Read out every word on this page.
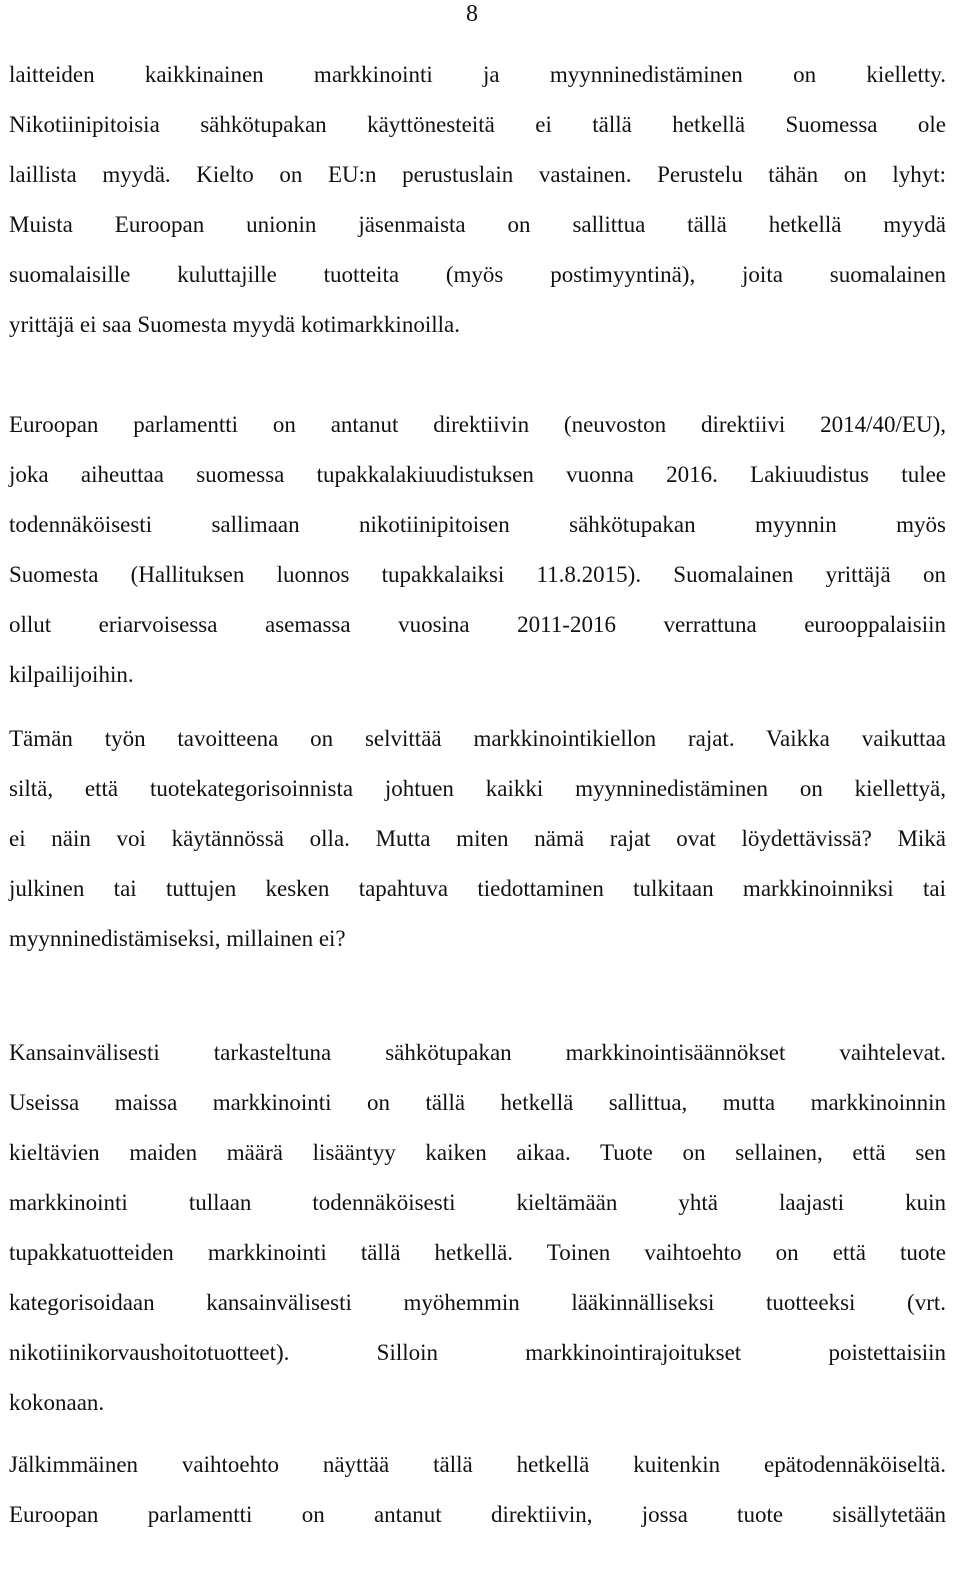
8
laitteiden kaikkinainen markkinointi ja myynninedistäminen on kielletty.
Nikotiinipitoisia sähkötupakan käyttönesteitä ei tällä hetkellä Suomessa ole
laillista myydä. Kielto on EU:n perustuslain vastainen. Perustelu tähän on lyhyt:
Muista Euroopan unionin jäsenmaista on sallittua tällä hetkellä myydä
suomalaisille kuluttajille tuotteita (myös postimyyntinä), joita suomalainen
yrittäjä ei saa Suomesta myydä kotimarkkinoilla.
Euroopan parlamentti on antanut direktiivin (neuvoston direktiivi 2014/40/EU),
joka aiheuttaa suomessa tupakkalakiuudistuksen vuonna 2016. Lakiuudistus tulee
todennäköisesti sallimaan nikotiinipitoisen sähkötupakan myynnin myös
Suomesta (Hallituksen luonnos tupakkalaiksi 11.8.2015). Suomalainen yrittäjä on
ollut eriarvoisessa asemassa vuosina 2011-2016 verrattuna eurooppalaisiin
kilpailijoihin.
Tämän työn tavoitteena on selvittää markkinointikiellon rajat. Vaikka vaikuttaa
siltä, että tuotekategorisoinnista johtuen kaikki myynninedistäminen on kiellettyä,
ei näin voi käytännössä olla. Mutta miten nämä rajat ovat löydettävissä? Mikä
julkinen tai tuttujen kesken tapahtuva tiedottaminen tulkitaan markkinoinniksi tai
myynninedistämiseksi, millainen ei?
Kansainvälisesti tarkasteltuna sähkötupakan markkinointisäännökset vaihtelevat.
Useissa maissa markkinointi on tällä hetkellä sallittua, mutta markkinoinnin
kieltävien maiden määrä lisääntyy kaiken aikaa. Tuote on sellainen, että sen
markkinointi tullaan todennäköisesti kieltämään yhtä laajasti kuin
tupakkatuotteiden markkinointi tällä hetkellä. Toinen vaihtoehto on että tuote
kategorisoidaan kansainvälisesti myöhemmin lääkinnälliseksi tuotteeksi (vrt.
nikotiinikorvaushoitotuotteet). Silloin markkinointirajoitukset poistettaisiin
kokonaan.
Jälkimmäinen vaihtoehto näyttää tällä hetkellä kuitenkin epätodennäköiseltä.
Euroopan parlamentti on antanut direktiivin, jossa tuote sisällytetään
